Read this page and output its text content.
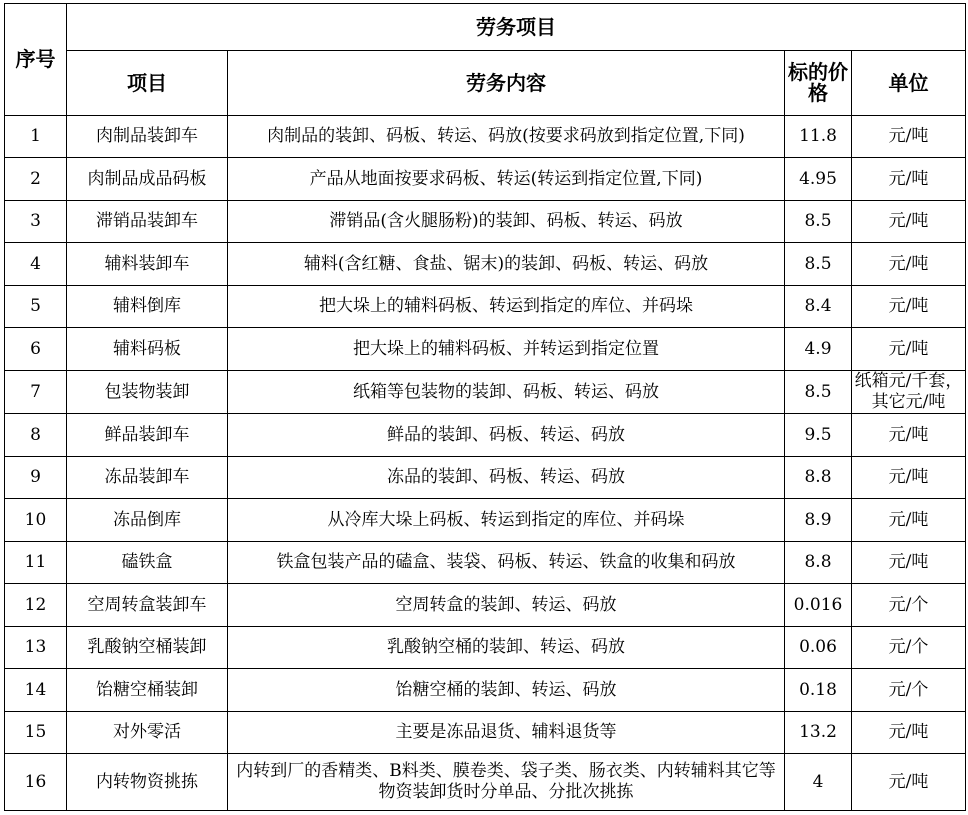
序号	劳务项目			
	项目	劳务内容	标的价格	单位
1	肉制品装卸车	肉制品的装卸、码板、转运、码放(按要求码放到指定位置,下同)	11.8	元/吨
2	肉制品成品码板	产品从地面按要求码板、转运(转运到指定位置,下同)	4.95	元/吨
3	滞销品装卸车	滞销品(含火腿肠粉)的装卸、码板、转运、码放	8.5	元/吨
4	辅料装卸车	辅料(含红糖、食盐、锯末)的装卸、码板、转运、码放	8.5	元/吨
5	辅料倒库	把大垛上的辅料码板、转运到指定的库位、并码垛	8.4	元/吨
6	辅料码板	把大垛上的辅料码板、并转运到指定位置	4.9	元/吨
7	包装物装卸	纸箱等包装物的装卸、码板、转运、码放	8.5	纸箱元/千套，其它元/吨
8	鲜品装卸车	鲜品的装卸、码板、转运、码放	9.5	元/吨
9	冻品装卸车	冻品的装卸、码板、转运、码放	8.8	元/吨
10	冻品倒库	从冷库大垛上码板、转运到指定的库位、并码垛	8.9	元/吨
11	磕铁盒	铁盒包装产品的磕盒、装袋、码板、转运、铁盒的收集和码放	8.8	元/吨
12	空周转盒装卸车	空周转盒的装卸、转运、码放	0.016	元/个
13	乳酸钠空桶装卸	乳酸钠空桶的装卸、转运、码放	0.06	元/个
14	饴糖空桶装卸	饴糖空桶的装卸、转运、码放	0.18	元/个
15	对外零活	主要是冻品退货、辅料退货等	13.2	元/吨
16	内转物资挑拣	内转到厂的香精类、B料类、膜卷类、袋子类、肠衣类、内转辅料其它等物资装卸货时分单品、分批次挑拣	4	元/吨
